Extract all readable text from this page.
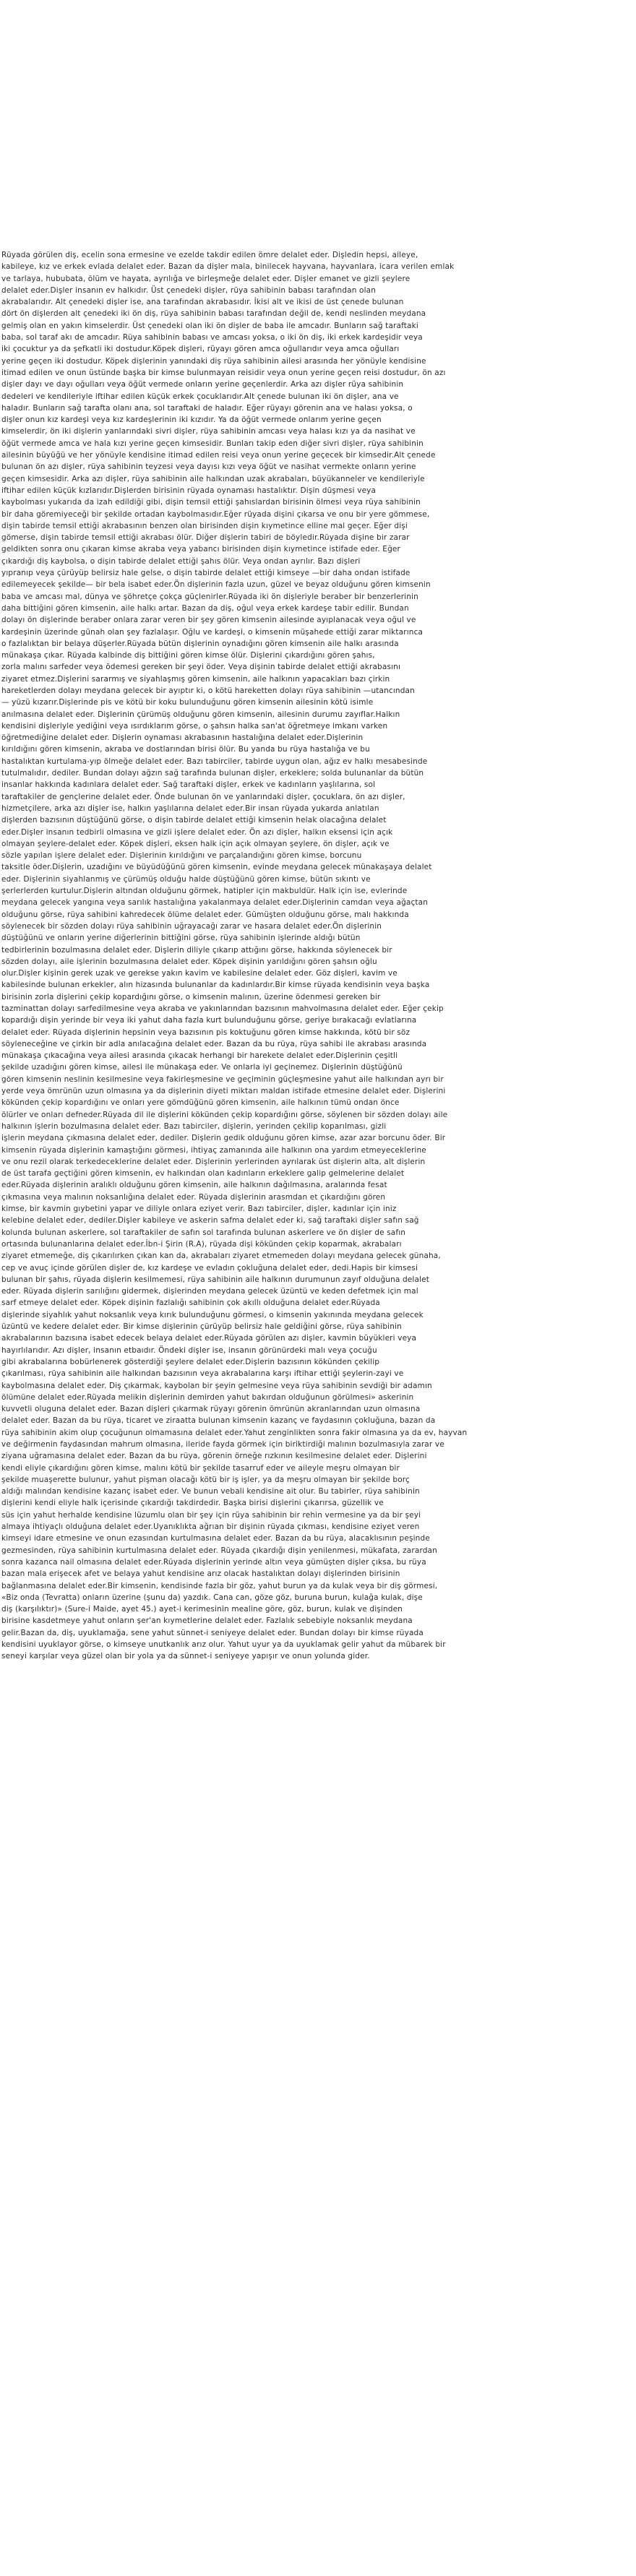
Rüyada görülen diş, ecelin sona ermesine ve ezelde takdir edilen ömre delalet eder. Dişledin hepsi, aileye,
kabileye, kız ve erkek evlada delalet eder. Bazan da dişler mala, binilecek hayvana, hayvanlara, icara verilen emlak
ve tarlaya, hububata, ölüm ve hayata, ayrılığa ve birleşmeğe delalet eder. Dişler emanet ve gizli şeylere
delalet eder.Dişler insanın ev halkıdır. Üst çenedeki dişler, rüya sahibinin babası tarafından olan
akrabalarıdır. Alt çenedeki dişler ise, ana tarafından akrabasıdır. İkisi alt ve ikisi de üst çenede bulunan
dört ön dişlerden alt çenedeki iki ön diş, rüya sahibinin babası tarafından değil de, kendi neslinden meydana
gelmiş olan en yakın kimselerdir. Üst çenedeki olan iki ön dişler de baba ile amcadır. Bunların sağ taraftaki
baba, sol taraf akı de amcadır. Rüya sahibinin babası ve amcası yoksa, o iki ön diş, iki erkek kardeşidir veya
iki çocuktur ya da şefkatli iki dostudur.Köpek dişleri, rüyayı gören amca oğullarıdır veya amca oğulları
yerine geçen iki dostudur. Köpek dişlerinin yanındaki diş rüya sahibinin ailesi arasında her yönüyle kendisine
itimad edilen ve onun üstünde başka bir kimse bulunmayan reisidir veya onun yerine geçen reisi dostudur, ön azı
dişler dayı ve dayı oğulları veya öğüt vermede onların yerine geçenlerdir. Arka azı dişler rüya sahibinin
dedeleri ve kendileriyle iftihar edilen küçük erkek çocuklarıdır.Alt çenede bulunan iki ön dişler, ana ve
haladır. Bunların sağ tarafta olanı ana, sol taraftaki de haladır. Eğer rüyayı görenin ana ve halası yoksa, o
dişler onun kız kardeşi veya kız kardeşlerinin iki kızıdır. Ya da öğüt vermede onlarım yerine geçen
kimselerdir, ön iki dişlerin yanlarındaki sivri dişler, rüya sahibinin amcası veya halası kızı ya da nasihat ve
öğüt vermede amca ve hala kızı yerine geçen kimsesidir. Bunları takip eden diğer sivri dişler, rüya sahibinin
ailesinin büyüğü ve her yönüyle kendisine itimad edilen reisi veya onun yerine geçecek bir kimsedir.Alt çenede
bulunan ön azı dişler, rüya sahibinin teyzesi veya dayısı kızı veya öğüt ve nasihat vermekte onların yerine
geçen kimsesidir. Arka azı dişler, rüya sahibinin aile halkından uzak akrabaları, büyükanneler ve kendileriyle
iftihar edilen küçük kızlarıdır.Dişlerden birisinin rüyada oynaması hastalıktır. Dişin düşmesi veya
kaybolması yukarıda da izah edildiği gibi, dişin temsil ettiği şahıslardan birisinin ölmesi veya rüya sahibinin
bir daha göremiyeceği bir şekilde ortadan kaybolmasıdır.Eğer rüyada dişini çıkarsa ve onu bir yere gömmese,
dişin tabirde temsil ettiği akrabasının benzen olan birisinden dişin kıymetince elline mal geçer. Eğer dişi
gömerse, dişin tabirde temsil ettiği akrabası ölür. Diğer dişlerin tabiri de böyledir.Rüyada dişine bir zarar
geldikten sonra onu çıkaran kimse akraba veya yabancı birisinden dişin kıymetince istifade eder. Eğer
çıkardığı diş kaybolsa, o dişin tabirde delalet ettiği şahıs ölür. Veya ondan ayrılır. Bazı dişleri
yıpranıp veya çürüyüp belirsiz hale gelse, o dişin tabirde delalet ettiği kimseye —bir daha ondan istifade
edilemeyecek şekilde— bir bela isabet eder.Ön dişlerinin fazla uzun, güzel ve beyaz olduğunu gören kimsenin
baba ve amcası mal, dünya ve şöhretçe çokça güçlenirler.Rüyada iki ön dişleriyle beraber bir benzerlerinin
daha bittiğini gören kimsenin, aile halkı artar. Bazan da diş, oğul veya erkek kardeşe tabir edilir. Bundan
dolayı ön dişlerinde beraber onlara zarar veren bir şey gören kimsenin ailesinde ayıplanacak veya oğul ve
kardeşinin üzerinde günah olan şey fazlalaşır. Oğlu ve kardeşi, o kimsenin müşahede ettiği zarar miktarınca
o fazlalıktan bir belaya düşerler.Rüyada bütün dişlerinin oynadığını gören kimsenin aile halkı arasında
münakaşa çıkar. Rüyada kalbinde diş bittiğini gören kimse ölür. Dişlerini çıkardığını gören şahıs,
zorla malını sarfeder veya ödemesi gereken bir şeyi öder. Veya dişinin tabirde delalet ettiği akrabasını
ziyaret etmez.Dişlerini sararmış ve siyahlaşmış gören kimsenin, aile halkının yapacakları bazı çirkin
hareketlerden dolayı meydana gelecek bir ayıptır ki, o kötü hareketten dolayı rüya sahibinin —utancından
— yüzü kızarır.Dişlerinde pis ve kötü bir koku bulunduğunu gören kimsenin ailesinin kötü isimle
anılmasına delalet eder. Dişlerinin çürümüş olduğunu gören kimsenin, ailesinin durumu zayıflar.Halkın
kendisini dişleriyle yediğini veya ısırdıklarım görse, o şahsın halka san'at öğretmeye imkanı varken
öğretmediğine delalet eder. Dişlerin oynaması akrabasının hastalığına delalet eder.Dişlerinin
kırıldığını gören kimsenin, akraba ve dostlarından birisi ölür. Bu yanda bu rüya hastalığa ve bu
hastalıktan kurtulama-yıp ölmeğe delalet eder. Bazı tabirciler, tabirde uygun olan, ağız ev halkı mesabesinde
tutulmalıdır, dediler. Bundan dolayı ağzın sağ tarafında bulunan dişler, erkeklere; solda bulunanlar da bütün
insanlar hakkında kadınlara delalet eder. Sağ taraftaki dişler, erkek ve kadınların yaşlılarına, sol
taraftakiler de gençlerine delalet eder. Önde bulunan ön ve yanlarındaki dişler, çocuklara, ön azı dişler,
hizmetçilere, arka azı dişler ise, halkın yaşlılarına delalet eder.Bir insan rüyada yukarda anlatılan
dişlerden bazısının düştüğünü görse, o dişin tabirde delalet ettiği kimsenin helak olacağına delalet
eder.Dişler insanın tedbirli olmasına ve gizli işlere delalet eder. Ön azı dişler, halkın eksensi için açık
olmayan şeylere-delalet eder. Köpek dişleri, eksen halk için açık olmayan şeylere, ön dişler, açık ve
sözle yapılan işlere delalet eder. Dişlerinin kırıldığını ve parçalandığını gören kimse, borcunu
taksitle öder.Dişlerin, uzadığını ve büyüdüğünü gören kimsenin, evinde meydana gelecek münakaşaya delalet
eder. Dişlerinin siyahlanmış ve çürümüş olduğu halde düştüğünü gören kimse, bütün sıkıntı ve
şerlerlerden kurtulur.Dişlerin altından olduğunu görmek, hatipler için makbuldür. Halk için ise, evlerinde
meydana gelecek yangına veya sarılık hastalığına yakalanmaya delalet eder.Dişlerinin camdan veya ağaçtan
olduğunu görse, rüya sahibini kahredecek ölüme delalet eder. Gümüşten olduğunu görse, malı hakkında
söylenecek bir sözden dolayı rüya sahibinin uğrayacağı zarar ve hasara delalet eder.Ön dişlerinin
düştüğünü ve onların yerine diğerlerinin bittiğini görse, rüya sahibinin işlerinde aldığı bütün
tedbirlerinin bozulmasına delalet eder. Dişlerin diliyle çıkarıp attığını görse, hakkında söylenecek bir
sözden dolayı, aile işlerinin bozulmasına delalet eder. Köpek dişinin yarıldığını gören şahsın oğlu
olur.Dişler kişinin gerek uzak ve gerekse yakın kavim ve kabilesine delalet eder. Göz dişleri, kavim ve
kabilesinde bulunan erkekler, alın hizasında bulunanlar da kadınlardır.Bir kimse rüyada kendisinin veya başka
birisinin zorla dişlerini çekip kopardığını görse, o kimsenin malının, üzerine ödenmesi gereken bir
tazminattan dolayı sarfedilmesine veya akraba ve yakınlarından bazısının mahvolmasına delalet eder. Eğer çekip
kopardığı dişin yerinde bir veya iki yahut daha fazla kurt bulunduğunu görse, geriye bırakacağı evlatlarına
delalet eder. Rüyada dişlerinin hepsinin veya bazısının pis koktuğunu gören kimse hakkında, kötü bir söz
söyleneceğine ve çirkin bir adla anılacağına delalet eder. Bazan da bu rüya, rüya sahibi ile akrabası arasında
münakaşa çıkacağına veya ailesi arasında çıkacak herhangi bir harekete delalet eder.Dişlerinin çeşitli
şekilde uzadığını gören kimse, ailesi ile münakaşa eder. Ve onlarla iyi geçinemez. Dişlerinin düştüğünü
gören kimsenin neslinin kesilmesine veya fakirleşmesine ve geçiminin güçleşmesine yahut aile halkından ayrı bir
yerde veya ömrünün uzun olmasına ya da dişlerinin diyeti miktarı maldan istifade etmesine delalet eder. Dişlerini
kökünden çekip kopardığını ve onları yere gömdüğünü gören kimsenin, aile halkının tümü ondan önce
ölürler ve onları defneder.Rüyada dil ile dişlerini kökünden çekip kopardığını görse, söylenen bir sözden dolayı aile
halkının işlerin bozulmasına delalet eder. Bazı tabirciler, dişlerin, yerinden çekilip koparılması, gizli
işlerin meydana çıkmasına delalet eder, dediler. Dişlerin gedik olduğunu gören kimse, azar azar borcunu öder. Bir
kimsenin rüyada dişlerinin kamaştığını görmesi, ihtiyaç zamanında aile halkının ona yardım etmeyeceklerine
ve onu rezil olarak terkedeceklerine delalet eder. Dişlerinin yerlerinden ayrılarak üst dişlerin alta, alt dişlerin
de üst tarafa geçtiğini gören kimsenin, ev halkından olan kadınların erkeklere galip gelmelerine delalet
eder.Rüyada dişlerinin aralıklı olduğunu gören kimsenin, aile halkının dağılmasına, aralarında fesat
çıkmasına veya malının noksanlığına delalet eder. Rüyada dişlerinin arasmdan et çıkardığını gören
kimse, bir kavmin gıybetini yapar ve diliyle onlara eziyet verir. Bazı tabirciler, dişler, kadınlar için iniz
kelebine delalet eder, dediler.Dişler kabileye ve askerin safma delalet eder ki, sağ taraftaki dişler safın sağ
kolunda bulunan askerlere, sol taraftakiler de safın sol tarafında bulunan askerlere ve ön dişler de safın
ortasında bulunanlarına delalet eder.İbn-i Şirin (R.A), rüyada dişi kökünden çekip koparmak, akrabaları
ziyaret etmemeğe, diş çıkarılırken çıkan kan da, akrabaları ziyaret etmemeden dolayı meydana gelecek günaha,
cep ve avuç içinde görülen dişler de, kız kardeşe ve evladın çokluğuna delalet eder, dedi.Hapis bir kimsesi
bulunan bir şahıs, rüyada dişlerin kesilmemesi, rüya sahibinin aile halkının durumunun zayıf olduğuna delalet
eder. Rüyada dişlerin sarılığını gidermek, dişlerinden meydana gelecek üzüntü ve keden defetmek için mal
sarf etmeye delalet eder. Köpek dişinin fazlalığı sahibinin çok akıllı olduğuna delalet eder.Rüyada
dişlerinde siyahlık yahut noksanlık veya kırık bulunduğunu görmesi, o kimsenin yakınında meydana gelecek
üzüntü ve kedere delalet eder. Bir kimse dişlerinin çürüyüp belirsiz hale geldiğini görse, rüya sahibinin
akrabalarının bazısına isabet edecek belaya delalet eder.Rüyada görülen azı dişler, kavmin büyükleri veya
hayırlılarıdır. Azı dişler, insanın etbaıdır. Öndeki dişler ise, insanın görünürdeki malı veya çocuğu
gibi akrabalarına bobürlenerek gösterdiği şeylere delalet eder.Dişlerin bazısının kökünden çekilip
çıkarılması, rüya sahibinin aile halkından bazısının veya akrabalarına karşı iftihar ettiği şeylerin-zayi ve
kaybolmasına delalet eder. Diş çıkarmak, kaybolan bir şeyin gelmesine veya rüya sahibinin sevdiği bir adamın
ölümüne delalet eder.Rüyada melikin dişlerinin demirden yahut bakırdan olduğunun görülmesi» askerinin
kuvvetli oluguna delalet eder. Bazan dişleri çıkarmak rüyayı görenin ömrünün akranlarından uzun olmasına
delalet eder. Bazan da bu rüya, ticaret ve ziraatta bulunan kimsenin kazanç ve faydasının çokluğuna, bazan da
rüya sahibinin akim olup çocuğunun olmamasına delalet eder.Yahut zenginlikten sonra fakir olmasına ya da ev, hayvan
ve değirmenin faydasından mahrum olmasına, ileride fayda görmek için biriktirdiği malının bozulmasıyla zarar ve
ziyana uğramasına delalet eder. Bazan da bu rüya, görenin örneğe rızkının kesilmesine delalet eder. Dişlerini
kendi eliyle çıkardığını gören kimse, malını kötü bir şekilde tasarruf eder ve aileyle meşru olmayan bir
şekilde muaşerette bulunur, yahut pişman olacağı kötü bir iş işler, ya da meşru olmayan bir şekilde borç
aldığı malından kendisine kazanç isabet eder. Ve bunun vebali kendisine ait olur. Bu tabirler, rüya sahibinin
dişlerini kendi eliyle halk içerisinde çıkardığı takdirdedir. Başka birisi dişlerini çıkarırsa, güzellik ve
süs için yahut herhalde kendisine lüzumlu olan bir şey için rüya sahibinin bir rehin vermesine ya da bir şeyi
almaya ihtiyaçlı olduğuna delalet eder.Uyanıklıkta ağrıan bir dişinin rüyada çıkması, kendisine eziyet veren
kimseyi idare etmesine ve onun ezasından kurtulmasına delalet eder. Bazan da bu rüya, alacaklısının peşinde
gezmesinden, rüya sahibinin kurtulmasına delalet eder. Rüyada çıkardığı dişin yenilenmesi, mükafata, zarardan
sonra kazanca nail olmasına delalet eder.Rüyada dişlerinin yerinde altın veya gümüşten dişler çıksa, bu rüya
bazan mala erişecek afet ve belaya yahut kendisine arız olacak hastalıktan dolayı dişlerinden birisinin
bağlanmasına delalet eder.Bir kimsenin, kendisinde fazla bir göz, yahut burun ya da kulak veya bir diş görmesi,
«Biz onda (Tevratta) onların üzerine (şunu da) yazdık. Cana can, göze göz, buruna burun, kulağa kulak, dişe
diş (karşılıktır)» (Sure-i Maide, ayet 45.) ayet-i kerimesinin mealine göre, göz, burun, kulak ve dişinden
birisine kasdetmeye yahut onların şer'an kıymetlerine delalet eder. Fazlalık sebebiyle noksanlık meydana
gelir.Bazan da, diş, uyuklamağa, sene yahut sünnet-i seniyeye delalet eder. Bundan dolayı bir kimse rüyada
kendisini uyuklayor görse, o kimseye unutkanlık arız olur. Yahut uyur ya da uyuklamak gelir yahut da mübarek bir
seneyi karşılar veya güzel olan bir yola ya da sünnet-i seniyeye yapışır ve onun yolunda gider.
